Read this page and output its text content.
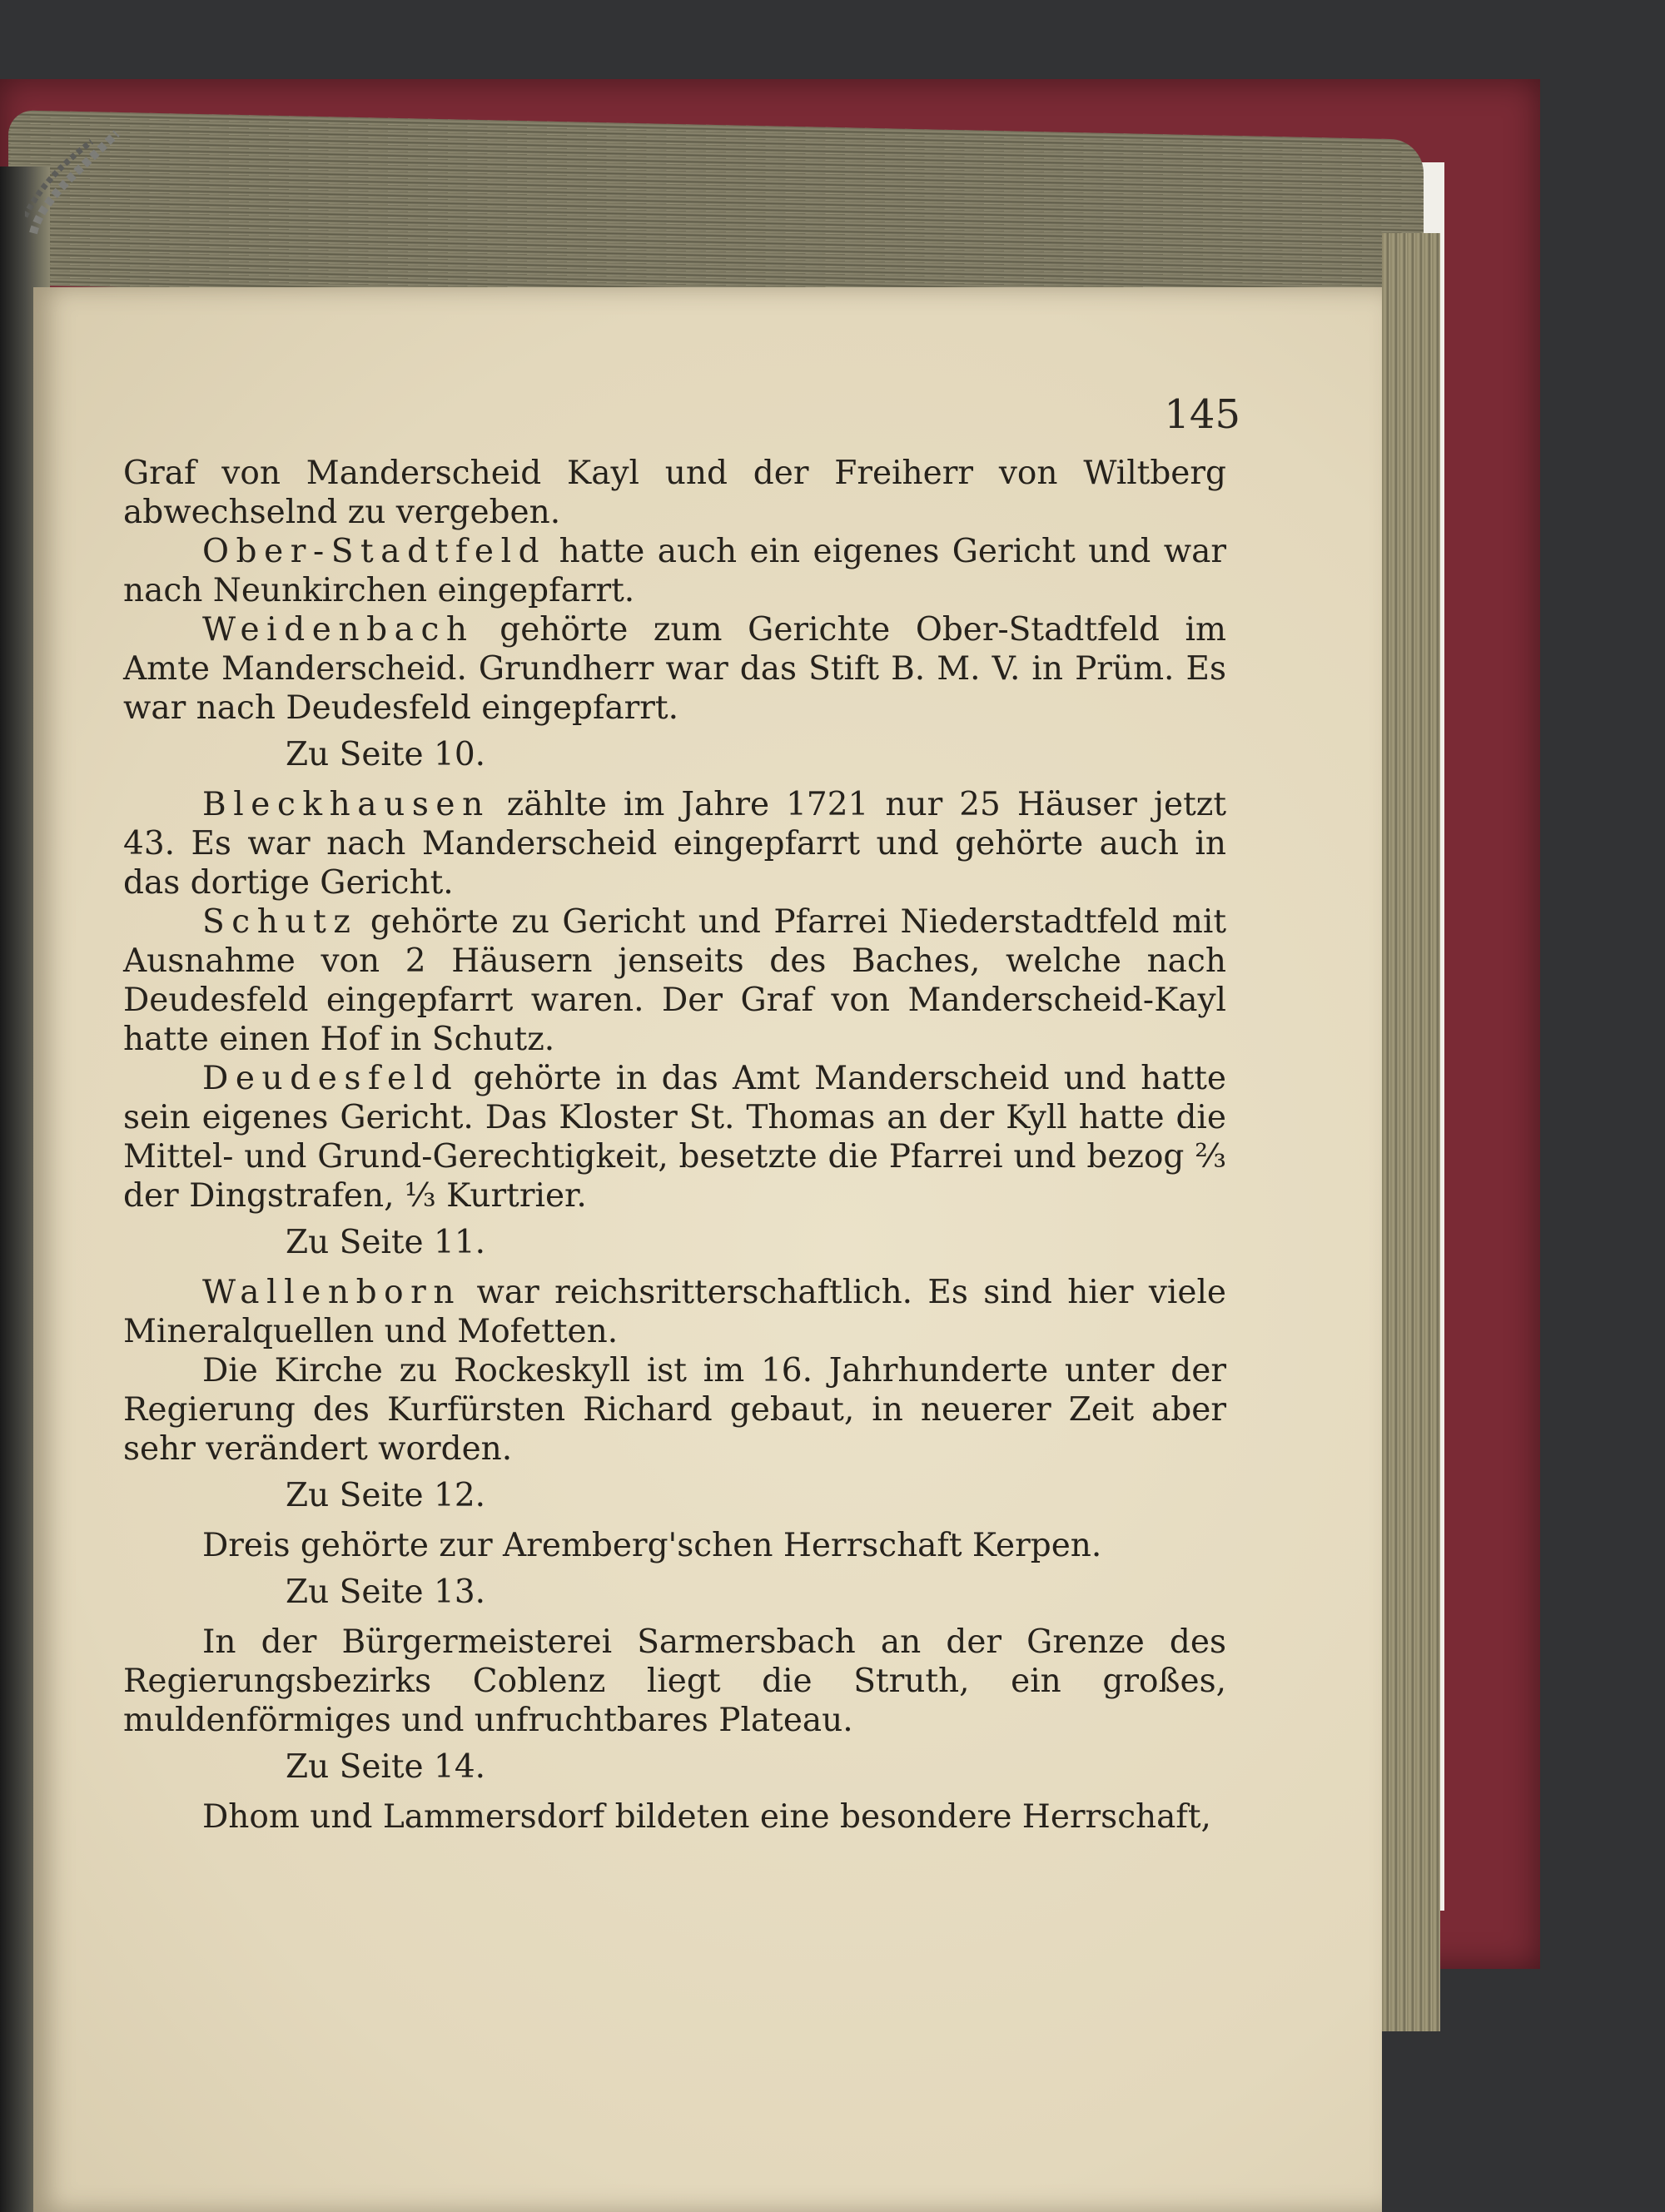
145

Graf von Manderscheid Kayl und der Freiherr von Wiltberg abwechselnd zu vergeben.

Ober-Stadtfeld hatte auch ein eigenes Gericht und war nach Neunkirchen eingepfarrt.

Weidenbach gehörte zum Gerichte Ober-Stadtfeld im Amte Manderscheid. Grundherr war das Stift B. M. V. in Prüm. Es war nach Deudesfeld eingepfarrt.

Zu Seite 10.

Bleckhausen zählte im Jahre 1721 nur 25 Häuser jetzt 43. Es war nach Manderscheid eingepfarrt und gehörte auch in das dortige Gericht.

Schutz gehörte zu Gericht und Pfarrei Niederstadtfeld mit Ausnahme von 2 Häusern jenseits des Baches, welche nach Deudesfeld eingepfarrt waren. Der Graf von Manderscheid-Kayl hatte einen Hof in Schutz.

Deudesfeld gehörte in das Amt Manderscheid und hatte sein eigenes Gericht. Das Kloster St. Thomas an der Kyll hatte die Mittel- und Grund-Gerechtigkeit, besetzte die Pfarrei und bezog ⅔ der Dingstrafen, ⅓ Kurtrier.

Zu Seite 11.

Wallenborn war reichsritterschaftlich. Es sind hier viele Mineralquellen und Mofetten.

Die Kirche zu Rockeskyll ist im 16. Jahrhunderte unter der Regierung des Kurfürsten Richard gebaut, in neuerer Zeit aber sehr verändert worden.

Zu Seite 12.

Dreis gehörte zur Aremberg'schen Herrschaft Kerpen.

Zu Seite 13.

In der Bürgermeisterei Sarmersbach an der Grenze des Regierungsbezirks Coblenz liegt die Struth, ein großes, muldenförmiges und unfruchtbares Plateau.

Zu Seite 14.

Dhom und Lammersdorf bildeten eine besondere Herrschaft,
